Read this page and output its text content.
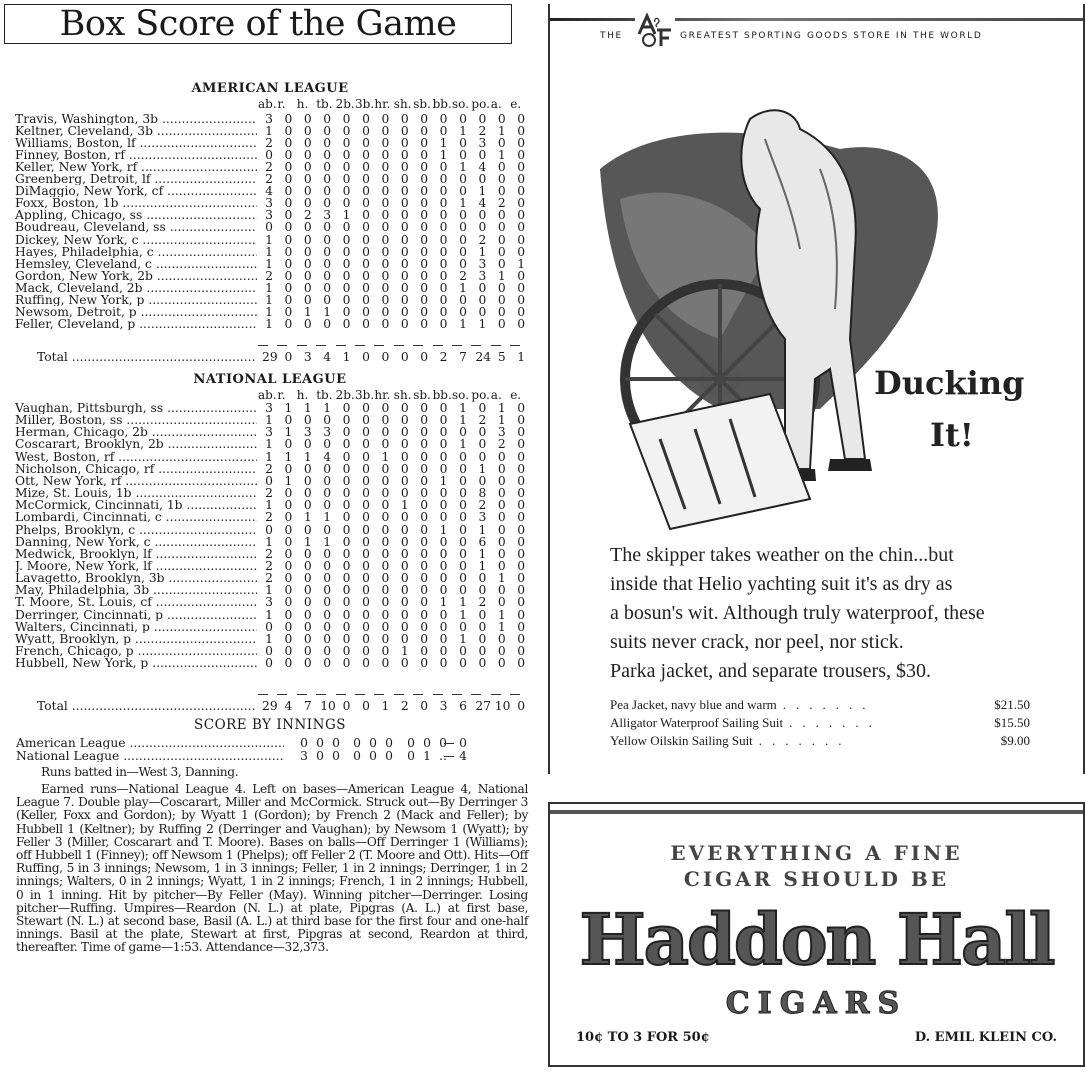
Box Score of the Game
AMERICAN LEAGUE
ab. r. h. tb. 2b. 3b. hr. sh. sb. bb. so. po. a. e.
Travis, Washington, 3b .....	3 0 0 0 0 0 0 0 0 0 0 0 0 0
Keltner, Cleveland, 3b .....	1 0 0 0 0 0 0 0 0 0 1 2 1 0
Williams, Boston, lf .....	2 0 0 0 0 0 0 0 0 1 0 3 0 0
Finney, Boston, rf .....	0 0 0 0 0 0 0 0 0 1 0 0 1 0
Keller, New York, rf .....	2 0 0 0 0 0 0 0 0 0 1 4 0 0
Greenberg, Detroit, lf .....	2 0 0 0 0 0 0 0 0 0 0 0 0 0
DiMaggio, New York, cf .....	4 0 0 0 0 0 0 0 0 0 0 1 0 0
Foxx, Boston, 1b .....	3 0 0 0 0 0 0 0 0 0 1 4 2 0
Appling, Chicago, ss .....	3 0 2 3 1 0 0 0 0 0 0 0 0 0
Boudreau, Cleveland, ss .....	0 0 0 0 0 0 0 0 0 0 0 0 0 0
Dickey, New York, c .....	1 0 0 0 0 0 0 0 0 0 0 2 0 0
Hayes, Philadelphia, c .....	1 0 0 0 0 0 0 0 0 0 0 1 0 0
Hemsley, Cleveland, c .....	1 0 0 0 0 0 0 0 0 0 0 3 0 1
Gordon, New York, 2b .....	2 0 0 0 0 0 0 0 0 0 2 3 1 0
Mack, Cleveland, 2b .....	1 0 0 0 0 0 0 0 0 0 1 0 0 0
Ruffing, New York, p .....	1 0 0 0 0 0 0 0 0 0 0 0 0 0
Newsom, Detroit, p .....	1 0 1 1 0 0 0 0 0 0 0 0 0 0
Feller, Cleveland, p .....	1 0 0 0 0 0 0 0 0 0 1 1 0 0
Total .....	29 0 3 4 1 0 0 0 0 2 7 24 5 1
NATIONAL LEAGUE
ab. r. h. tb. 2b. 3b. hr. sh. sb. bb. so. po. a. e.
Vaughan, Pittsburgh, ss .....	3 1 1 1 0 0 0 0 0 0 1 0 1 0
Miller, Boston, ss .....	1 0 0 0 0 0 0 0 0 0 1 2 1 0
Herman, Chicago, 2b .....	3 1 3 3 0 0 0 0 0 0 0 0 3 0
Coscarart, Brooklyn, 2b .....	1 0 0 0 0 0 0 0 0 0 1 0 2 0
West, Boston, rf .....	1 1 1 4 0 0 1 0 0 0 0 0 0 0
Nicholson, Chicago, rf .....	2 0 0 0 0 0 0 0 0 0 0 1 0 0
Ott, New York, rf .....	0 1 0 0 0 0 0 0 0 1 0 0 0 0
Mize, St. Louis, 1b .....	2 0 0 0 0 0 0 0 0 0 0 8 0 0
McCormick, Cincinnati, 1b .....	1 0 0 0 0 0 0 1 0 0 0 2 0 0
Lombardi, Cincinnati, c .....	2 0 1 1 0 0 0 0 0 0 0 3 0 0
Phelps, Brooklyn, c .....	0 0 0 0 0 0 0 0 0 1 0 1 0 0
Danning, New York, c .....	1 0 1 1 0 0 0 0 0 0 0 6 0 0
Medwick, Brooklyn, lf .....	2 0 0 0 0 0 0 0 0 0 0 1 0 0
J. Moore, New York, lf .....	2 0 0 0 0 0 0 0 0 0 0 1 0 0
Lavagetto, Brooklyn, 3b .....	2 0 0 0 0 0 0 0 0 0 0 0 1 0
May, Philadelphia, 3b .....	1 0 0 0 0 0 0 0 0 0 0 0 0 0
T. Moore, St. Louis, cf .....	3 0 0 0 0 0 0 0 0 1 1 2 0 0
Derringer, Cincinnati, p .....	1 0 0 0 0 0 0 0 0 0 1 0 1 0
Walters, Cincinnati, p .....	0 0 0 0 0 0 0 0 0 0 0 0 1 0
Wyatt, Brooklyn, p .....	1 0 0 0 0 0 0 0 0 0 1 0 0 0
French, Chicago, p .....	0 0 0 0 0 0 0 1 0 0 0 0 0 0
Hubbell, New York, p .....	0 0 0 0 0 0 0 0 0 0 0 0 0 0
Total .....	29 4 7 10 0 0 1 2 0 3 6 27 10 0
SCORE BY INNINGS
American League .....	0 0 0 0 0 0 0 0 0 0
National League .....	3 0 0 0 0 0 0 1 .. 4
Runs batted in—West 3, Danning.
Earned runs—National League 4. Left on bases—American League 4, National League 7. Double play—Coscarart, Miller and McCormick. Struck out—By Derringer 3 (Keller, Foxx and Gordon); by Wyatt 1 (Gordon); by French 2 (Mack and Feller); by Hubbell 1 (Keltner); by Ruffing 2 (Derringer and Vaughan); by Newsom 1 (Wyatt); by Feller 3 (Miller, Coscarart and T. Moore). Bases on balls—Off Derringer 1 (Williams); off Hubbell 1 (Finney); off Newsom 1 (Phelps); off Feller 2 (T. Moore and Ott). Hits—Off Ruffing, 5 in 3 innings; Newsom, 1 in 3 innings; Feller, 1 in 2 innings; Derringer, 1 in 2 innings; Walters, 0 in 2 innings; Wyatt, 1 in 2 innings; French, 1 in 2 innings; Hubbell, 0 in 1 inning. Hit by pitcher—By Feller (May). Winning pitcher—Derringer. Losing pitcher—Ruffing. Umpires—Reardon (N. L.) at plate, Pipgras (A. L.) at first base, Stewart (N. L.) at second base, Basil (A. L.) at third base for the first four and one-half innings. Basil at the plate, Stewart at first, Pipgras at second, Reardon at third, thereafter. Time of game—1:53. Attendance—32,373.
THE	GREATEST SPORTING GOODS STORE IN THE WORLD
Ducking
It!
The skipper takes weather on the chin...but
inside that Helio yachting suit it's as dry as
a bosun's wit. Although truly waterproof, these
suits never crack, nor peel, nor stick.
Parka jacket, and separate trousers, $30.
Pea Jacket, navy blue and warm .......	$21.50
Alligator Waterproof Sailing Suit .......	$15.50
Yellow Oilskin Sailing Suit .......	$9.00
EVERYTHING A FINE
CIGAR SHOULD BE
Haddon Hall
CIGARS
10¢ TO 3 FOR 50¢	D. EMIL KLEIN CO.
